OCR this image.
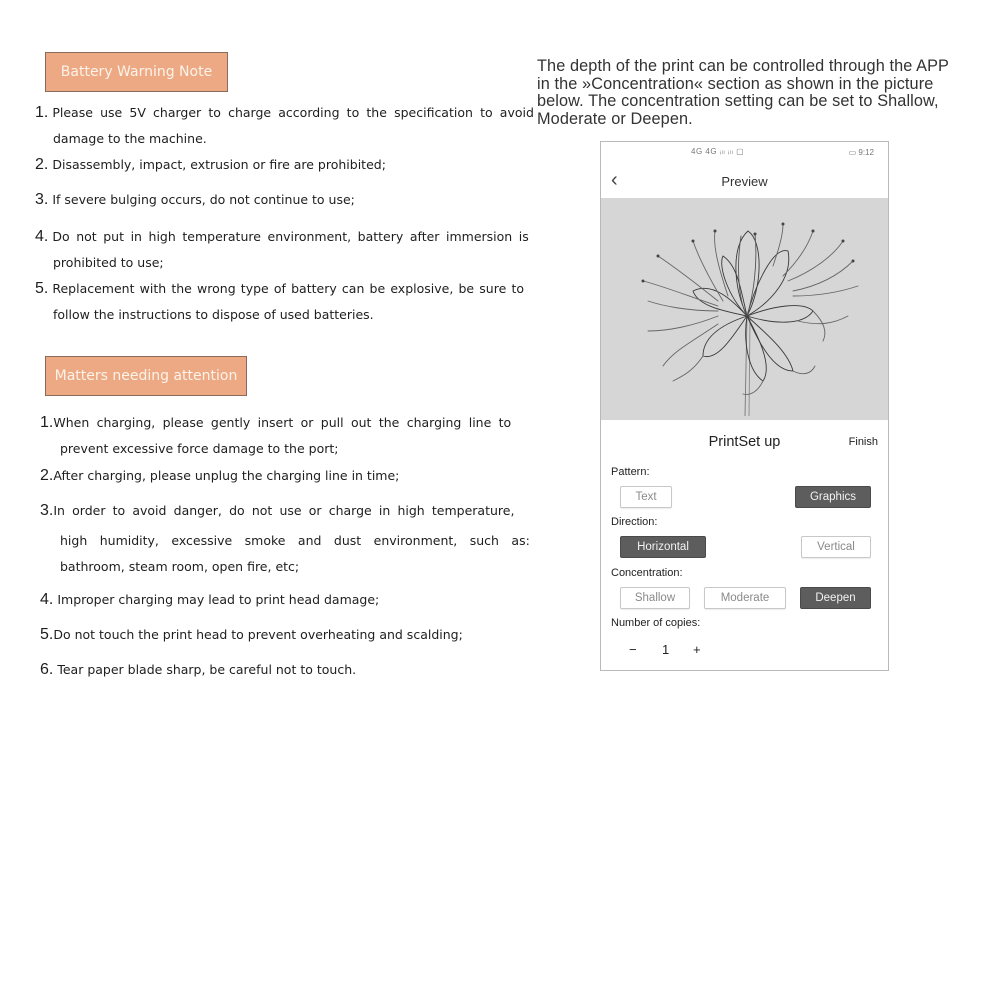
Battery Warning Note
1. Please use 5V charger to charge according to the specification to avoid
damage to the machine.
2. Disassembly, impact, extrusion or fire are prohibited;
3. If severe bulging occurs, do not continue to use;
4. Do not put in high temperature environment, battery after immersion is
prohibited to use;
5. Replacement with the wrong type of battery can be explosive, be sure to
follow the instructions to dispose of used batteries.
Matters needing attention
1.When charging, please gently insert or pull out the charging line to
prevent excessive force damage to the port;
2.After charging, please unplug the charging line in time;
3.In order to avoid danger, do not use or charge in high temperature,
high humidity, excessive smoke and dust environment, such as:
bathroom, steam room, open fire, etc;
4. Improper charging may lead to print head damage;
5.Do not touch the print head to prevent overheating and scalding;
6. Tear paper blade sharp, be careful not to touch.
The depth of the print can be controlled through the APP
in the »Concentration« section as shown in the picture
below. The concentration setting can be set to Shallow,
Moderate or Deepen.
4G 4G ᵢₗₗ ᵢₗₗ ▢	▭ 9:12
‹	Preview
PrintSet up	Finish
Pattern:
Text	Graphics
Direction:
Horizontal	Vertical
Concentration:
Shallow	Moderate	Deepen
Number of copies:
− 1 +
